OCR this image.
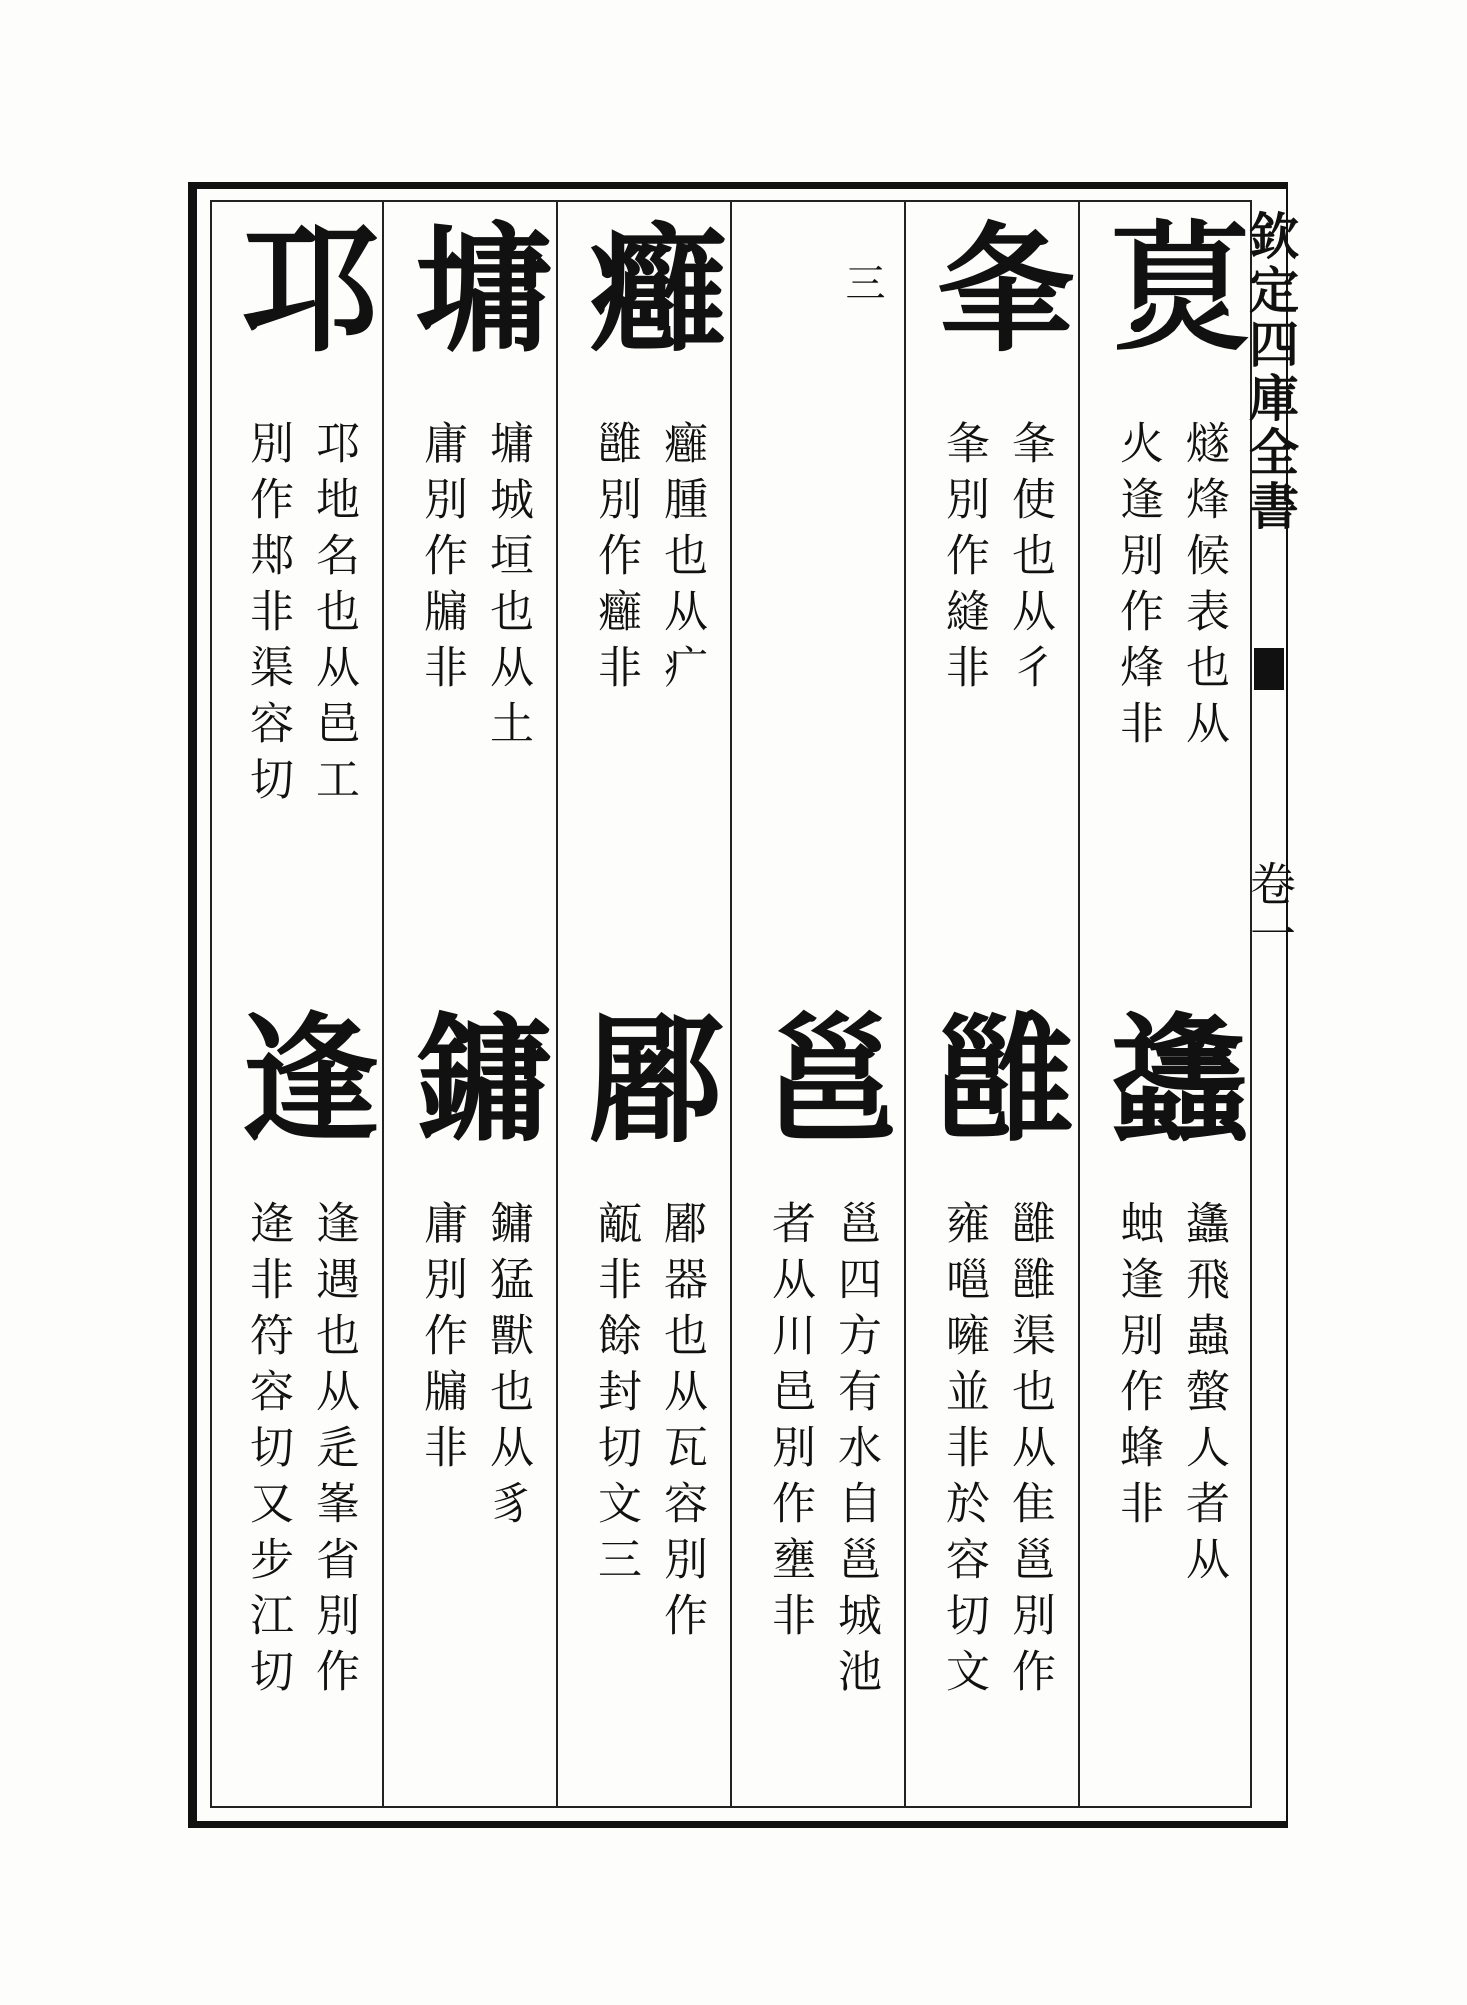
欽定四庫全書
卷一
𤊾
燧烽候表也从
火逢別作烽非
夆
夆使也从彳
夆別作縫非
三
癰
癰腫也从疒
雝別作癰非
墉
墉城垣也从土
庸別作牖非
邛
邛地名也从邑工
別作䢼非渠容切
蠭
蠭飛蟲螫人者从
䖵逢別作蜂非
雝
雝雝渠也从隹邕別作
雍嗈噰並非於容切文
邕
邕四方有水自邕城池
者从川邑別作壅非
䣝
䣝器也从瓦容別作
甋非餘封切文三
鏞
鏞猛獸也从豸
庸別作牖非
逢
逢遇也从辵峯省別作
逄非符容切又步江切
